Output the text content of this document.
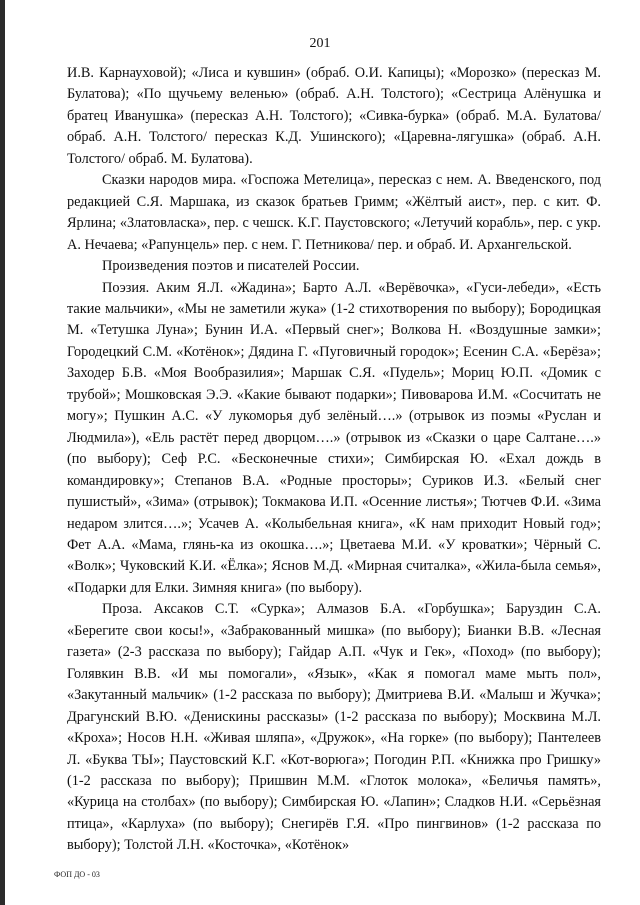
201

И.В. Карнауховой); «Лиса и кувшин» (обраб. О.И. Капицы); «Морозко» (пересказ М. Булатова); «По щучьему веленью» (обраб. А.Н. Толстого); «Сестрица Алёнушка и братец Иванушка» (пересказ А.Н. Толстого); «Сивка-бурка» (обраб. М.А. Булатова/ обраб. А.Н. Толстого/ пересказ К.Д. Ушинского); «Царевна-лягушка» (обраб. А.Н. Толстого/ обраб. М. Булатова).

Сказки народов мира. «Госпожа Метелица», пересказ с нем. А. Введенского, под редакцией С.Я. Маршака, из сказок братьев Гримм; «Жёлтый аист», пер. с кит. Ф. Ярлина; «Златовласка», пер. с чешск. К.Г. Паустовского; «Летучий корабль», пер. с укр. А. Нечаева; «Рапунцель» пер. с нем. Г. Петникова/ пер. и обраб. И. Архангельской.

Произведения поэтов и писателей России.

Поэзия. Аким Я.Л. «Жадина»; Барто А.Л. «Верёвочка», «Гуси-лебеди», «Есть такие мальчики», «Мы не заметили жука» (1-2 стихотворения по выбору); Бородицкая М. «Тетушка Луна»; Бунин И.А. «Первый снег»; Волкова Н. «Воздушные замки»; Городецкий С.М. «Котёнок»; Дядина Г. «Пуговичный городок»; Есенин С.А. «Берёза»; Заходер Б.В. «Моя Вообразилия»; Маршак С.Я. «Пудель»; Мориц Ю.П. «Домик с трубой»; Мошковская Э.Э. «Какие бывают подарки»; Пивоварова И.М. «Сосчитать не могу»; Пушкин А.С. «У лукоморья дуб зелёный….» (отрывок из поэмы «Руслан и Людмила»), «Ель растёт перед дворцом….» (отрывок из «Сказки о царе Салтане….» (по выбору); Сеф Р.С. «Бесконечные стихи»; Симбирская Ю. «Ехал дождь в командировку»; Степанов В.А. «Родные просторы»; Суриков И.З. «Белый снег пушистый», «Зима» (отрывок); Токмакова И.П. «Осенние листья»; Тютчев Ф.И. «Зима недаром злится….»; Усачев А. «Колыбельная книга», «К нам приходит Новый год»; Фет А.А. «Мама, глянь-ка из окошка….»; Цветаева М.И. «У кроватки»; Чёрный С. «Волк»; Чуковский К.И. «Ёлка»; Яснов М.Д. «Мирная считалка», «Жила-была семья», «Подарки для Елки. Зимняя книга» (по выбору).

Проза. Аксаков С.Т. «Сурка»; Алмазов Б.А. «Горбушка»; Баруздин С.А. «Берегите свои косы!», «Забракованный мишка» (по выбору); Бианки В.В. «Лесная газета» (2-3 рассказа по выбору); Гайдар А.П. «Чук и Гек», «Поход» (по выбору); Голявкин В.В. «И мы помогали», «Язык», «Как я помогал маме мыть пол», «Закутанный мальчик» (1-2 рассказа по выбору); Дмитриева В.И. «Малыш и Жучка»; Драгунский В.Ю. «Денискины рассказы» (1-2 рассказа по выбору); Москвина М.Л. «Кроха»; Носов Н.Н. «Живая шляпа», «Дружок», «На горке» (по выбору); Пантелеев Л. «Буква ТЫ»; Паустовский К.Г. «Кот-ворюга»; Погодин Р.П. «Книжка про Гришку» (1-2 рассказа по выбору); Пришвин М.М. «Глоток молока», «Беличья память», «Курица на столбах» (по выбору); Симбирская Ю. «Лапин»; Сладков Н.И. «Серьёзная птица», «Карлуха» (по выбору); Снегирёв Г.Я. «Про пингвинов» (1-2 рассказа по выбору); Толстой Л.Н. «Косточка», «Котёнок»

ФОП ДО - 03
